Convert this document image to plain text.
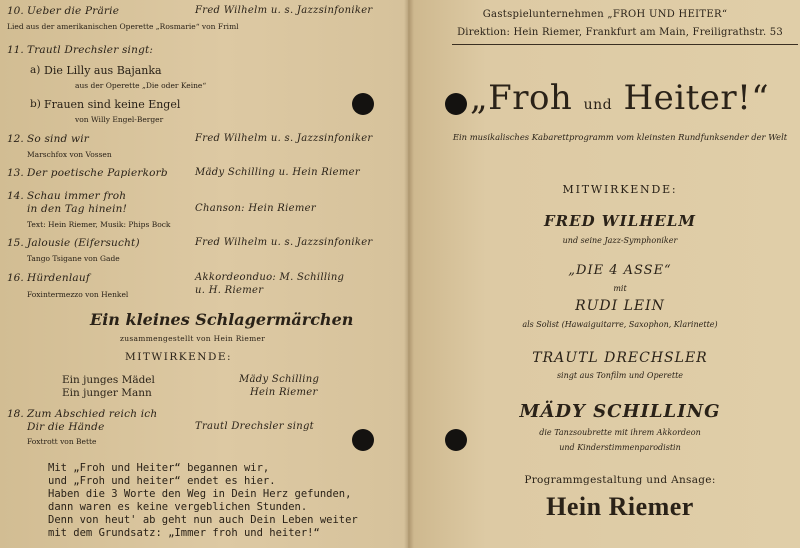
10. Ueber die Prärie	Fred Wilhelm u. s. Jazzsinfoniker
Lied aus der amerikanischen Operette „Rosmarie“ von Friml
11. Trautl Drechsler singt:
a) Die Lilly aus Bajanka
aus der Operette „Die oder Keine“
b) Frauen sind keine Engel
von Willy Engel-Berger
12. So sind wir	Fred Wilhelm u. s. Jazzsinfoniker
Marschfox von Vossen
13. Der poetische Papierkorb	Mädy Schilling u. Hein Riemer
14. Schau immer froh
in den Tag hinein!	Chanson: Hein Riemer
Text: Hein Riemer, Musik: Phips Bock
15. Jalousie (Eifersucht)	Fred Wilhelm u. s. Jazzsinfoniker
Tango Tsigane von Gade
16. Hürdenlauf	Akkordeonduo: M. Schilling
u. H. Riemer
Foxintermezzo von Henkel
Ein kleines Schlagermärchen
zusammengestellt von Hein Riemer
MITWIRKENDE:
Ein junges Mädel	Mädy Schilling
Ein junger Mann	Hein Riemer
18. Zum Abschied reich ich
Dir die Hände	Trautl Drechsler singt
Foxtrott von Bette
Mit „Froh und Heiter“ begannen wir,
und „Froh und heiter“ endet es hier.
Haben die 3 Worte den Weg in Dein Herz gefunden,
dann waren es keine vergeblichen Stunden.
Denn von heut' ab geht nun auch Dein Leben weiter
mit dem Grundsatz: „Immer froh und heiter!“
Gastspielunternehmen „FROH UND HEITER“
Direktion: Hein Riemer, Frankfurt am Main, Freiligrathstr. 53
„Froh und Heiter!“
Ein musikalisches Kabarettprogramm vom kleinsten Rundfunksender der Welt
MITWIRKENDE:
FRED WILHELM
und seine Jazz-Symphoniker
„DIE 4 ASSE“
mit
RUDI LEIN
als Solist (Hawaiguitarre, Saxophon, Klarinette)
TRAUTL DRECHSLER
singt aus Tonfilm und Operette
MÄDY SCHILLING
die Tanzsoubrette mit ihrem Akkordeon
und Kinderstimmenparodistin
Programmgestaltung und Ansage:
Hein Riemer
